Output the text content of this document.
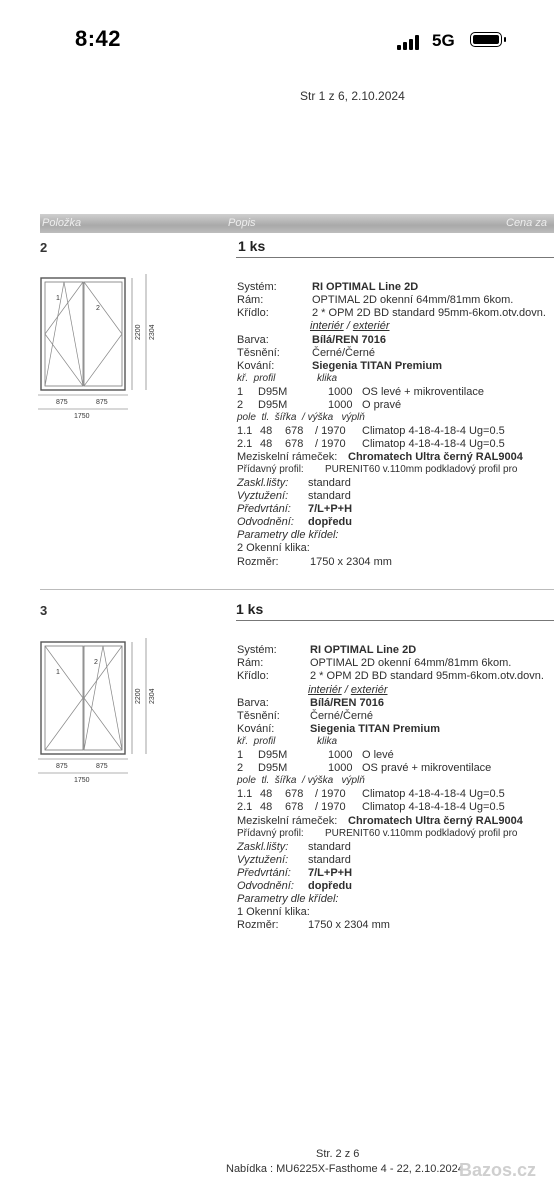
8:42	5G
Str 1 z 6, 2.10.2024
Položka	Popis	Cena za
2	1 ks
1
2
875	875
1750
2200 2304
Systém:	RI OPTIMAL Line 2D
Rám:	OPTIMAL 2D okenní 64mm/81mm 6kom.
Křídlo:	2 * OPM 2D BD standard 95mm-6kom.otv.dovn.
interiér / exteriér
Barva:	Bílá/REN 7016
Těsnění:	Černé/Černé
Kování:	Siegenia TITAN Premium
kř.  profil               klika
1 D95M	1000 OS levé + mikroventilace
2 D95M	1000 O pravé
pole  tl.  šířka  / výška   výplň
1.1 48 678 / 1970 Climatop 4-18-4-18-4 Ug=0.5
2.1 48 678 / 1970 Climatop 4-18-4-18-4 Ug=0.5
Meziskelní rámeček: Chromatech Ultra černý RAL9004
Přídavný profil: PURENIT60 v.110mm podkladový profil pro
Zaskl.lišty: standard
Vyztužení: standard
Předvrtání: 7/L+P+H
Odvodnění: dopředu
Parametry dle křídel:
2 Okenní klika:
Rozměr:	1750 x 2304 mm
3	1 ks
1
2
875	875
1750
2200 2304
Systém:	RI OPTIMAL Line 2D
Rám:	OPTIMAL 2D okenní 64mm/81mm 6kom.
Křídlo:	2 * OPM 2D BD standard 95mm-6kom.otv.dovn.
interiér / exteriér
Barva:	Bílá/REN 7016
Těsnění:	Černé/Černé
Kování:	Siegenia TITAN Premium
kř.  profil               klika
1 D95M	1000 O levé
2 D95M	1000 OS pravé + mikroventilace
pole  tl.  šířka  / výška   výplň
1.1 48 678 / 1970 Climatop 4-18-4-18-4 Ug=0.5
2.1 48 678 / 1970 Climatop 4-18-4-18-4 Ug=0.5
Meziskelní rámeček: Chromatech Ultra černý RAL9004
Přídavný profil: PURENIT60 v.110mm podkladový profil pro
Zaskl.lišty: standard
Vyztužení: standard
Předvrtání: 7/L+P+H
Odvodnění: dopředu
Parametry dle křídel:
1 Okenní klika:
Rozměr:	1750 x 2304 mm
Str. 2 z 6
Nabídka : MU6225X-Fasthome 4 - 22, 2.10.2024
Bazos.cz
